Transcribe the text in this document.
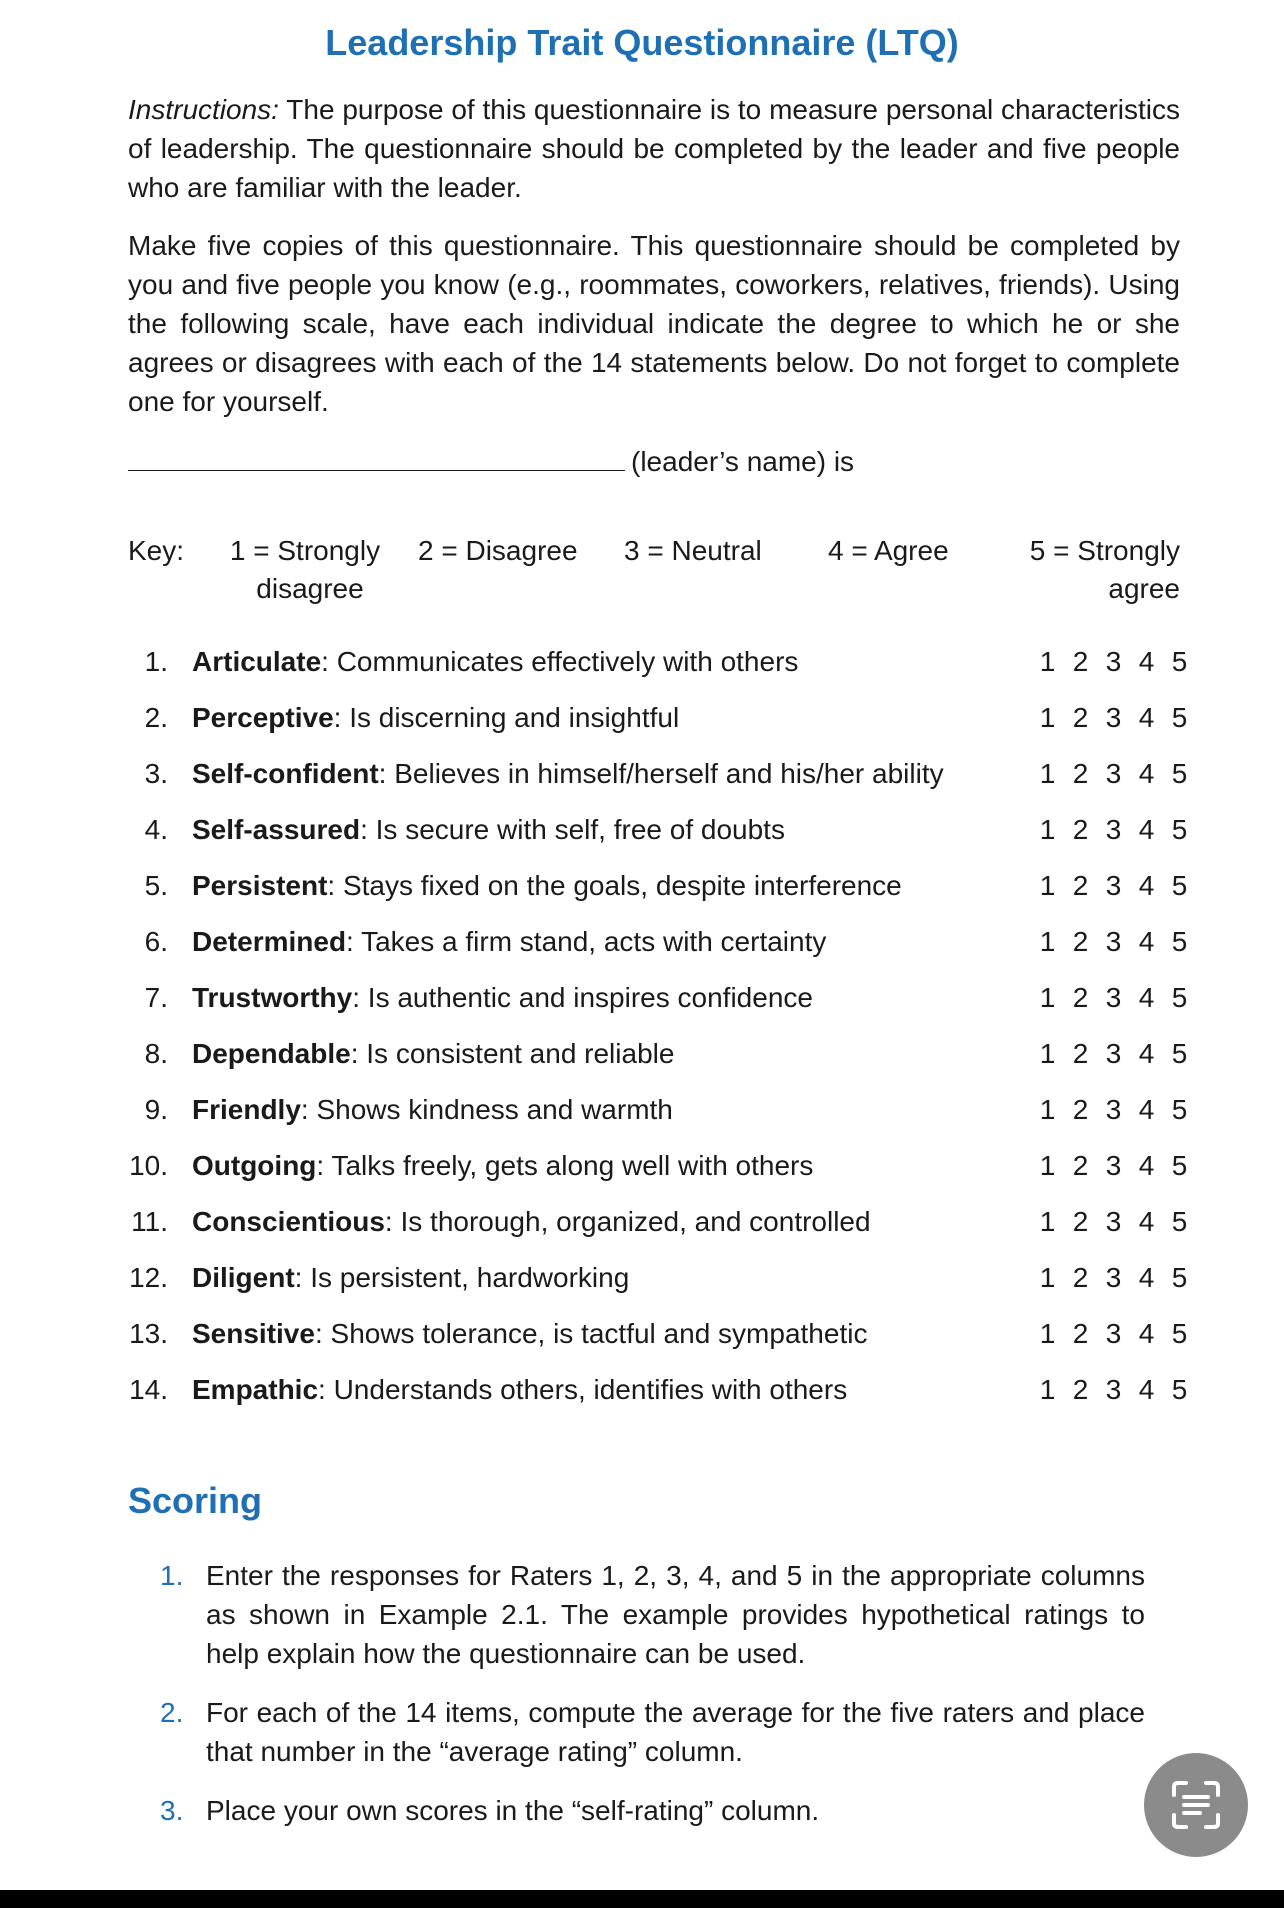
Leadership Trait Questionnaire (LTQ)
Instructions: The purpose of this questionnaire is to measure personal characteristics of leadership. The questionnaire should be completed by the leader and five people who are familiar with the leader.
Make five copies of this questionnaire. This questionnaire should be completed by you and five people you know (e.g., roommates, coworkers, relatives, friends). Using the following scale, have each individual indicate the degree to which he or she agrees or disagrees with each of the 14 statements below. Do not forget to complete one for yourself.
(leader’s name) is
Key:	1 = Strongly
disagree
2 = Disagree 3 = Neutral 4 = Agree	5 = Strongly
agree
1. Articulate: Communicates effectively with others	1 2 3 4 5
2. Perceptive: Is discerning and insightful	1 2 3 4 5
3. Self-confident: Believes in himself/herself and his/her ability	1 2 3 4 5
4. Self-assured: Is secure with self, free of doubts	1 2 3 4 5
5. Persistent: Stays fixed on the goals, despite interference	1 2 3 4 5
6. Determined: Takes a firm stand, acts with certainty	1 2 3 4 5
7. Trustworthy: Is authentic and inspires confidence	1 2 3 4 5
8. Dependable: Is consistent and reliable	1 2 3 4 5
9. Friendly: Shows kindness and warmth	1 2 3 4 5
10. Outgoing: Talks freely, gets along well with others	1 2 3 4 5
11. Conscientious: Is thorough, organized, and controlled	1 2 3 4 5
12. Diligent: Is persistent, hardworking	1 2 3 4 5
13. Sensitive: Shows tolerance, is tactful and sympathetic	1 2 3 4 5
14. Empathic: Understands others, identifies with others	1 2 3 4 5
Scoring
1. Enter the responses for Raters 1, 2, 3, 4, and 5 in the appropriate columns as shown in Example 2.1. The example provides hypothetical ratings to help explain how the questionnaire can be used.
2. For each of the 14 items, compute the average for the five raters and place that number in the “average rating” column.
3. Place your own scores in the “self-rating” column.
